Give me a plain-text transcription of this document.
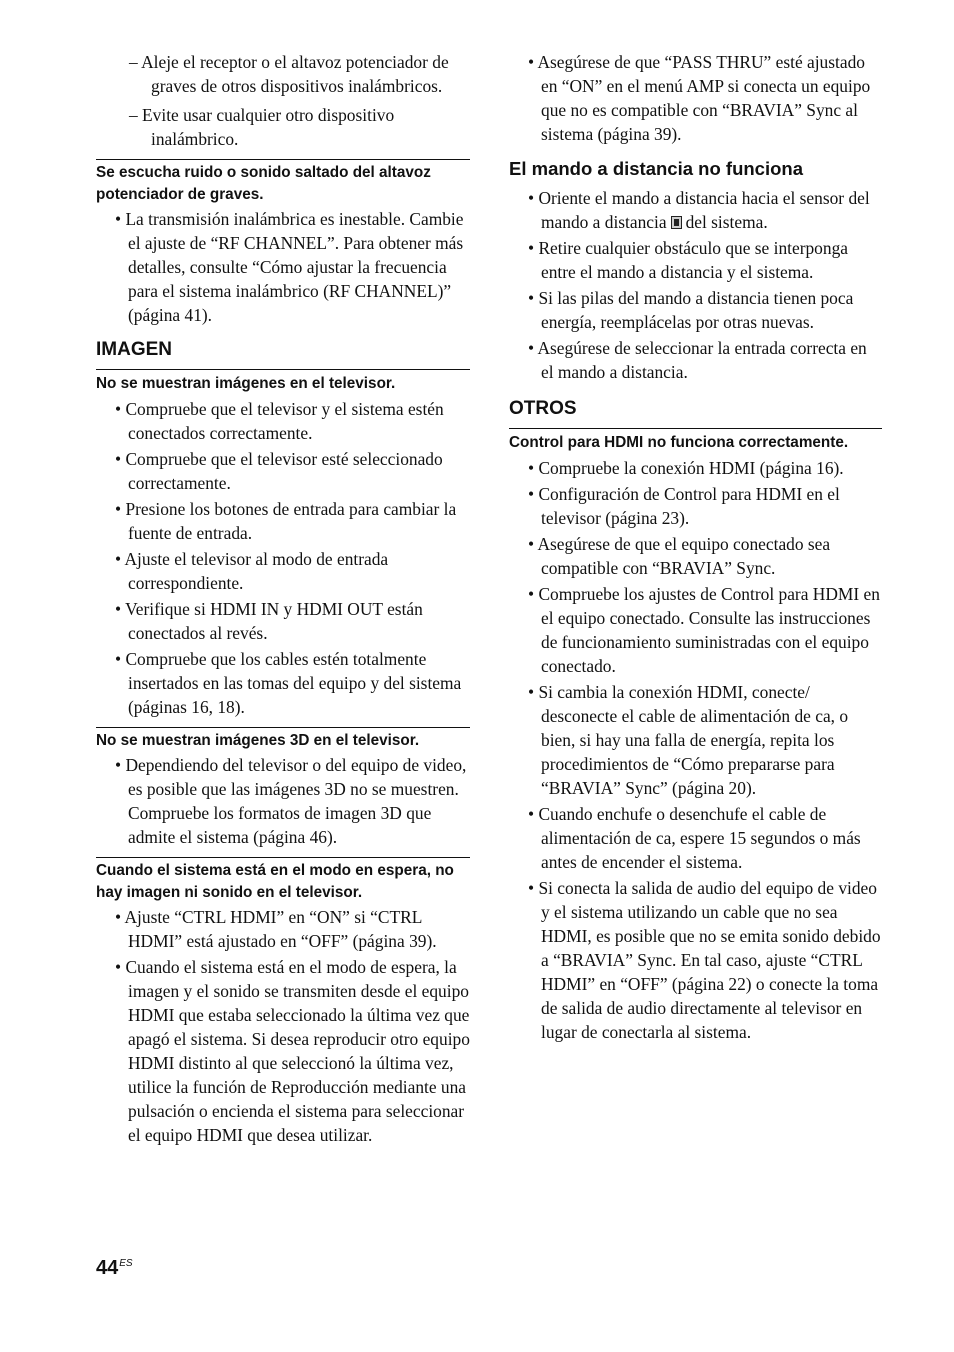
– Aleje el receptor o el altavoz potenciador de graves de otros dispositivos inalámbricos.

– Evite usar cualquier otro dispositivo inalámbrico.

Se escucha ruido o sonido saltado del altavoz potenciador de graves.

• La transmisión inalámbrica es inestable. Cambie el ajuste de “RF CHANNEL”. Para obtener más detalles, consulte “Cómo ajustar la frecuencia para el sistema inalámbrico (RF CHANNEL)” (página 41).

IMAGEN
No se muestran imágenes en el televisor.

• Compruebe que el televisor y el sistema estén conectados correctamente.

• Compruebe que el televisor esté seleccionado correctamente.

• Presione los botones de entrada para cambiar la fuente de entrada.

• Ajuste el televisor al modo de entrada correspondiente.

• Verifique si HDMI IN y HDMI OUT están conectados al revés.

• Compruebe que los cables estén totalmente insertados en las tomas del equipo y del sistema (páginas 16, 18).

No se muestran imágenes 3D en el televisor.

• Dependiendo del televisor o del equipo de video, es posible que las imágenes 3D no se muestren. Compruebe los formatos de imagen 3D que admite el sistema (página 46).

Cuando el sistema está en el modo en espera, no hay imagen ni sonido en el televisor.

• Ajuste “CTRL HDMI” en “ON” si “CTRL HDMI” está ajustado en “OFF” (página 39).

• Cuando el sistema está en el modo de espera, la imagen y el sonido se transmiten desde el equipo HDMI que estaba seleccionado la última vez que apagó el sistema. Si desea reproducir otro equipo HDMI distinto al que seleccionó la última vez, utilice la función de Reproducción mediante una pulsación o encienda el sistema para seleccionar el equipo HDMI que desea utilizar.

• Asegúrese de que “PASS THRU” esté ajustado en “ON” en el menú AMP si conecta un equipo que no es compatible con “BRAVIA” Sync al sistema (página 39).

El mando a distancia no funciona

• Oriente el mando a distancia hacia el sensor del mando a distancia del sistema.

• Retire cualquier obstáculo que se interponga entre el mando a distancia y el sistema.

• Si las pilas del mando a distancia tienen poca energía, reemplácelas por otras nuevas.

• Asegúrese de seleccionar la entrada correcta en el mando a distancia.

OTROS
Control para HDMI no funciona correctamente.

• Compruebe la conexión HDMI (página 16).

• Configuración de Control para HDMI en el televisor (página 23).

• Asegúrese de que el equipo conectado sea compatible con “BRAVIA” Sync.

• Compruebe los ajustes de Control para HDMI en el equipo conectado. Consulte las instrucciones de funcionamiento suministradas con el equipo conectado.

• Si cambia la conexión HDMI, conecte/ desconecte el cable de alimentación de ca, o bien, si hay una falla de energía, repita los procedimientos de “Cómo prepararse para “BRAVIA” Sync” (página 20).

• Cuando enchufe o desenchufe el cable de alimentación de ca, espere 15 segundos o más antes de encender el sistema.

• Si conecta la salida de audio del equipo de video y el sistema utilizando un cable que no sea HDMI, es posible que no se emita sonido debido a “BRAVIA” Sync. En tal caso, ajuste “CTRL HDMI” en “OFF” (página 22) o conecte la toma de salida de audio directamente al televisor en lugar de conectarla al sistema.

$44^{ES}$
